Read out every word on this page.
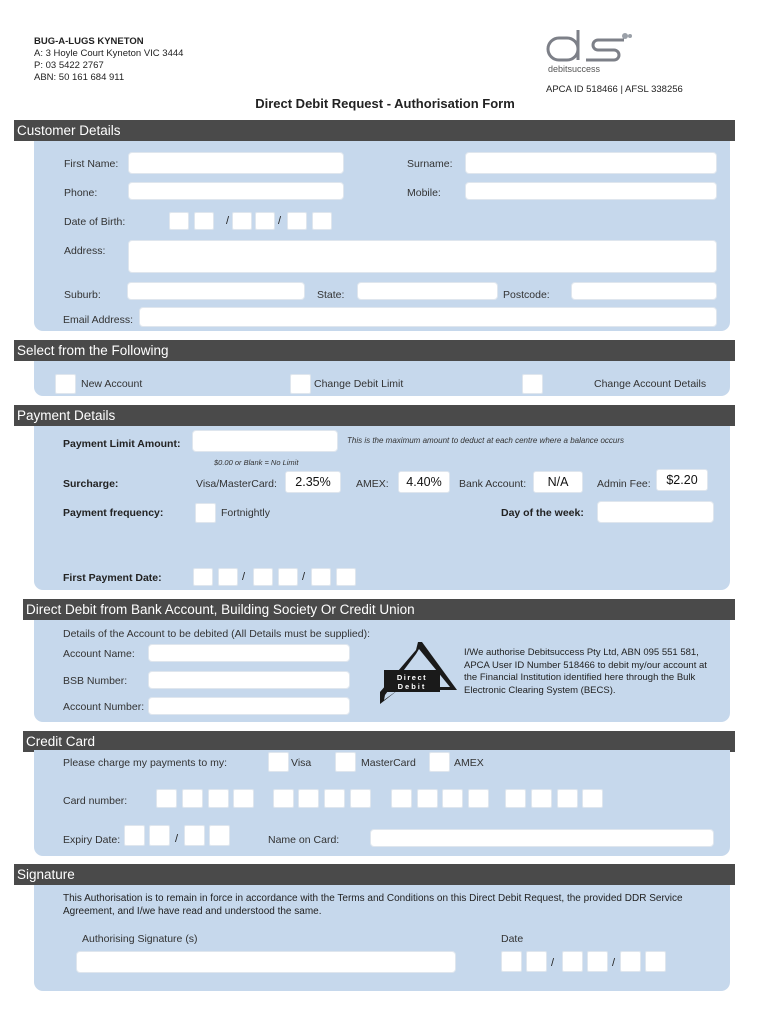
BUG-A-LUGS KYNETON
A: 3 Hoyle Court Kyneton VIC 3444
P: 03 5422 2767
ABN: 50 161 684 911
debitsuccess
APCA ID 518466 | AFSL 338256
Direct Debit Request - Authorisation Form
Customer Details
First Name:	Surname:
Phone:	Mobile:
Date of Birth:	/	/
Address:
Suburb:	State:	Postcode:
Email Address:
Select from the Following
New Account	Change Debit Limit	Change Account Details
Payment Details
Payment Limit Amount:	This is the maximum amount to deduct at each centre where a balance occurs
$0.00 or Blank = No Limit
Surcharge:	Visa/MasterCard:	2.35%	AMEX:	4.40%	Bank Account:	N/A	Admin Fee:	$2.20
Payment frequency:	Fortnightly	Day of the week:
First Payment Date:	/	/
Direct Debit from Bank Account, Building Society Or Credit Union
Details of the Account to be debited (All Details must be supplied):
Account Name:
BSB Number:
Account Number:
Direct
Debit
I/We authorise Debitsuccess Pty Ltd, ABN 095 551 581,
APCA User ID Number 518466 to debit my/our account at
the Financial Institution identified here through the Bulk
Electronic Clearing System (BECS).
Credit Card
Please charge my payments to my:	Visa	MasterCard	AMEX
Card number:
Expiry Date:	/	Name on Card:
Signature
This Authorisation is to remain in force in accordance with the Terms and Conditions on this Direct Debit Request, the provided DDR Service
Agreement, and I/we have read and understood the same.
Authorising Signature (s)	Date
/	/
